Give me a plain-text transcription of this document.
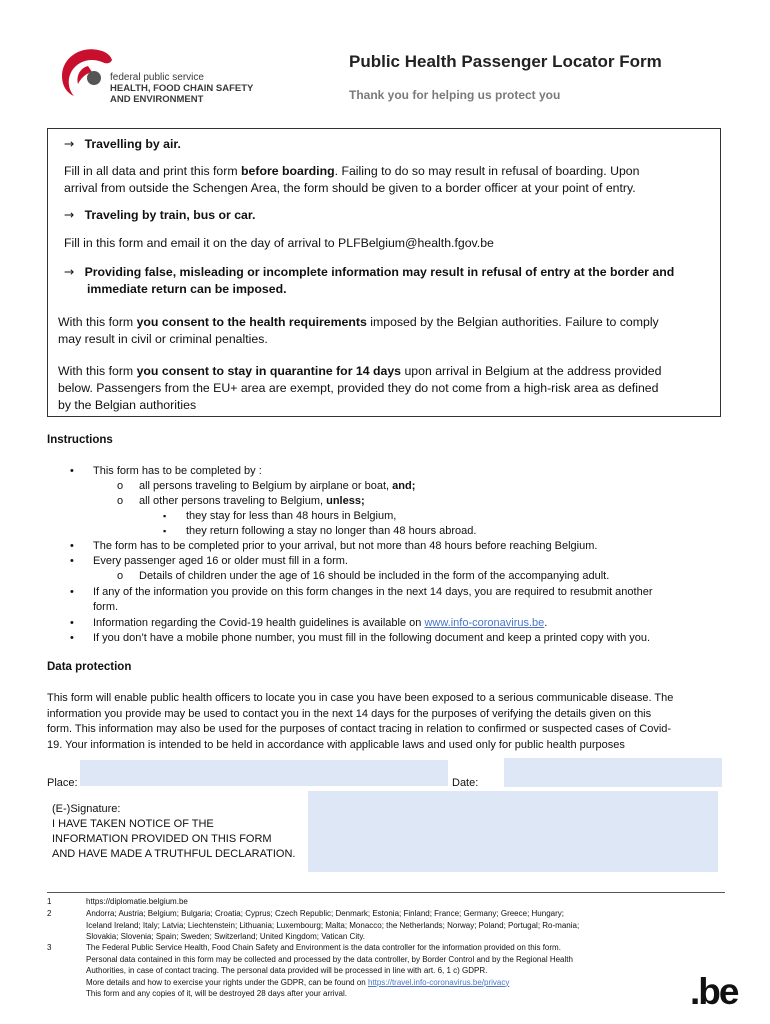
federal public service
HEALTH, FOOD CHAIN SAFETY
AND ENVIRONMENT
Public Health Passenger Locator Form
Thank you for helping us protect you
→ Travelling by air.
Fill in all data and print this form before boarding. Failing to do so may result in refusal of boarding. Upon
arrival from outside the Schengen Area, the form should be given to a border officer at your point of entry.
→ Traveling by train, bus or car.
Fill in this form and email it on the day of arrival to PLFBelgium@health.fgov.be
→ Providing false, misleading or incomplete information may result in refusal of entry at the border and
immediate return can be imposed.
With this form you consent to the health requirements imposed by the Belgian authorities. Failure to comply
may result in civil or criminal penalties.
With this form you consent to stay in quarantine for 14 days upon arrival in Belgium at the address provided
below. Passengers from the EU+ area are exempt, provided they do not come from a high-risk area as defined
by the Belgian authorities
Instructions
• This form has to be completed by :
o all persons traveling to Belgium by airplane or boat, and;
o all other persons traveling to Belgium, unless;
▪ they stay for less than 48 hours in Belgium,
▪ they return following a stay no longer than 48 hours abroad.
• The form has to be completed prior to your arrival, but not more than 48 hours before reaching Belgium.
• Every passenger aged 16 or older must fill in a form.
o Details of children under the age of 16 should be included in the form of the accompanying adult.
• If any of the information you provide on this form changes in the next 14 days, you are required to resubmit another
form.
• Information regarding the Covid-19 health guidelines is available on www.info-coronavirus.be.
• If you don’t have a mobile phone number, you must fill in the following document and keep a printed copy with you.
Data protection
This form will enable public health officers to locate you in case you have been exposed to a serious communicable disease. The
information you provide may be used to contact you in the next 14 days for the purposes of verifying the details given on this
form. This information may also be used for the purposes of contact tracing in relation to confirmed or suspected cases of Covid-
19. Your information is intended to be held in accordance with applicable laws and used only for public health purposes
Place:	Date:
(E-)Signature:
I HAVE TAKEN NOTICE OF THE
INFORMATION PROVIDED ON THIS FORM
AND HAVE MADE A TRUTHFUL DECLARATION.
1	https://diplomatie.belgium.be
2	Andorra; Austria; Belgium; Bulgaria; Croatia; Cyprus; Czech Republic; Denmark; Estonia; Finland; France; Germany; Greece; Hungary;
Iceland Ireland; Italy; Latvia; Liechtenstein; Lithuania; Luxembourg; Malta; Monacco; the Netherlands; Norway; Poland; Portugal; Ro-mania;
Slovakia; Slovenia; Spain; Sweden; Switzerland; United Kingdom; Vatican City.
3	The Federal Public Service Health, Food Chain Safety and Environment is the data controller for the information provided on this form.
Personal data contained in this form may be collected and processed by the data controller, by Border Control and by the Regional Health
Authorities, in case of contact tracing. The personal data provided will be processed in line with art. 6, 1 c) GDPR.
More details and how to exercise your rights under the GDPR, can be found on https://travel.info-coronavirus.be/privacy
This form and any copies of it, will be destroyed 28 days after your arrival.	.be
